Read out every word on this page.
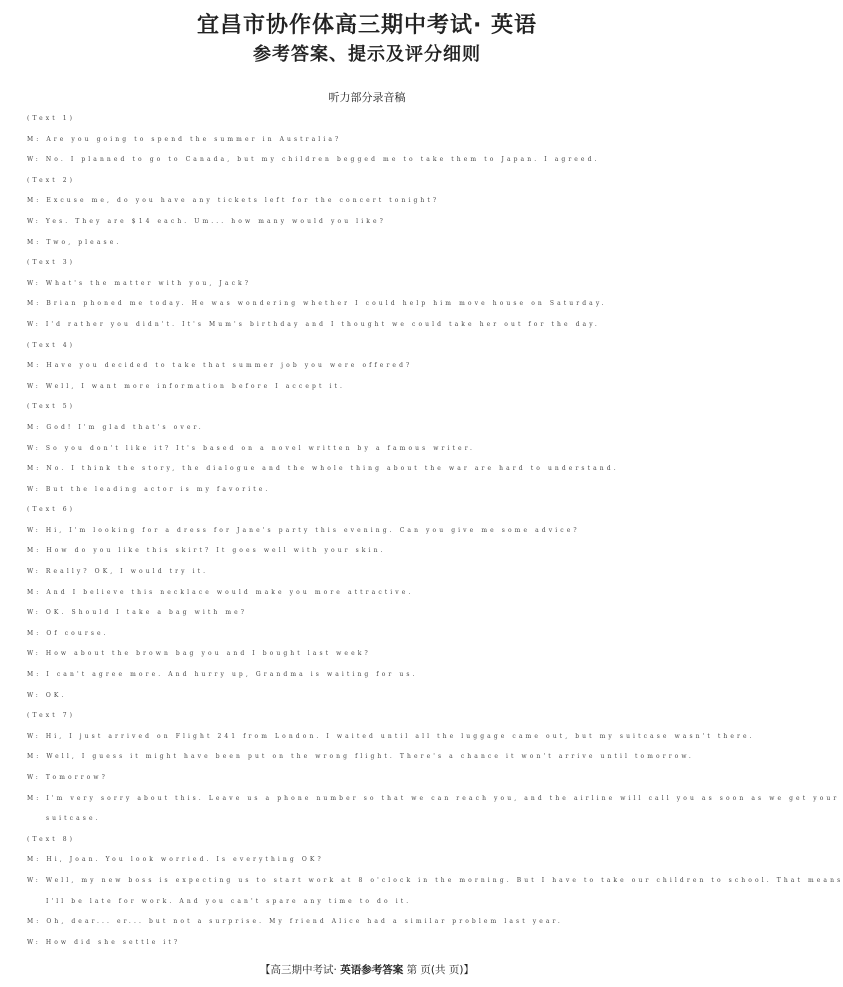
宜昌市协作体高三期中考试· 英语
参考答案、提示及评分细则
听力部分录音稿
(Text 1)
M: Are you going to spend the summer in Australia?
W: No. I planned to go to Canada, but my children begged me to take them to Japan. I agreed.
(Text 2)
M: Excuse me, do you have any tickets left for the concert tonight?
W: Yes. They are $14 each. Um... how many would you like?
M: Two, please.
(Text 3)
W: What's the matter with you, Jack?
M: Brian phoned me today. He was wondering whether I could help him move house on Saturday.
W: I'd rather you didn't. It's Mum's birthday and I thought we could take her out for the day.
(Text 4)
M: Have you decided to take that summer job you were offered?
W: Well, I want more information before I accept it.
(Text 5)
M: God! I'm glad that's over.
W: So you don't like it? It's based on a novel written by a famous writer.
M: No. I think the story, the dialogue and the whole thing about the war are hard to understand.
W: But the leading actor is my favorite.
(Text 6)
W: Hi, I'm looking for a dress for Jane's party this evening. Can you give me some advice?
M: How do you like this skirt? It goes well with your skin.
W: Really? OK, I would try it.
M: And I believe this necklace would make you more attractive.
W: OK. Should I take a bag with me?
M: Of course.
W: How about the brown bag you and I bought last week?
M: I can't agree more. And hurry up, Grandma is waiting for us.
W: OK.
(Text 7)
W: Hi, I just arrived on Flight 241 from London. I waited until all the luggage came out, but my suitcase wasn't there.
M: Well, I guess it might have been put on the wrong flight. There's a chance it won't arrive until tomorrow.
W: Tomorrow?
M: I'm very sorry about this. Leave us a phone number so that we can reach you, and the airline will call you as soon as we get your
suitcase.
(Text 8)
M: Hi, Joan. You look worried. Is everything OK?
W: Well, my new boss is expecting us to start work at 8 o'clock in the morning. But I have to take our children to school. That means
I'll be late for work. And you can't spare any time to do it.
M: Oh, dear... er... but not a surprise. My friend Alice had a similar problem last year.
W: How did she settle it?
【高三期中考试· 英语参考答案 第 页(共 页)】
